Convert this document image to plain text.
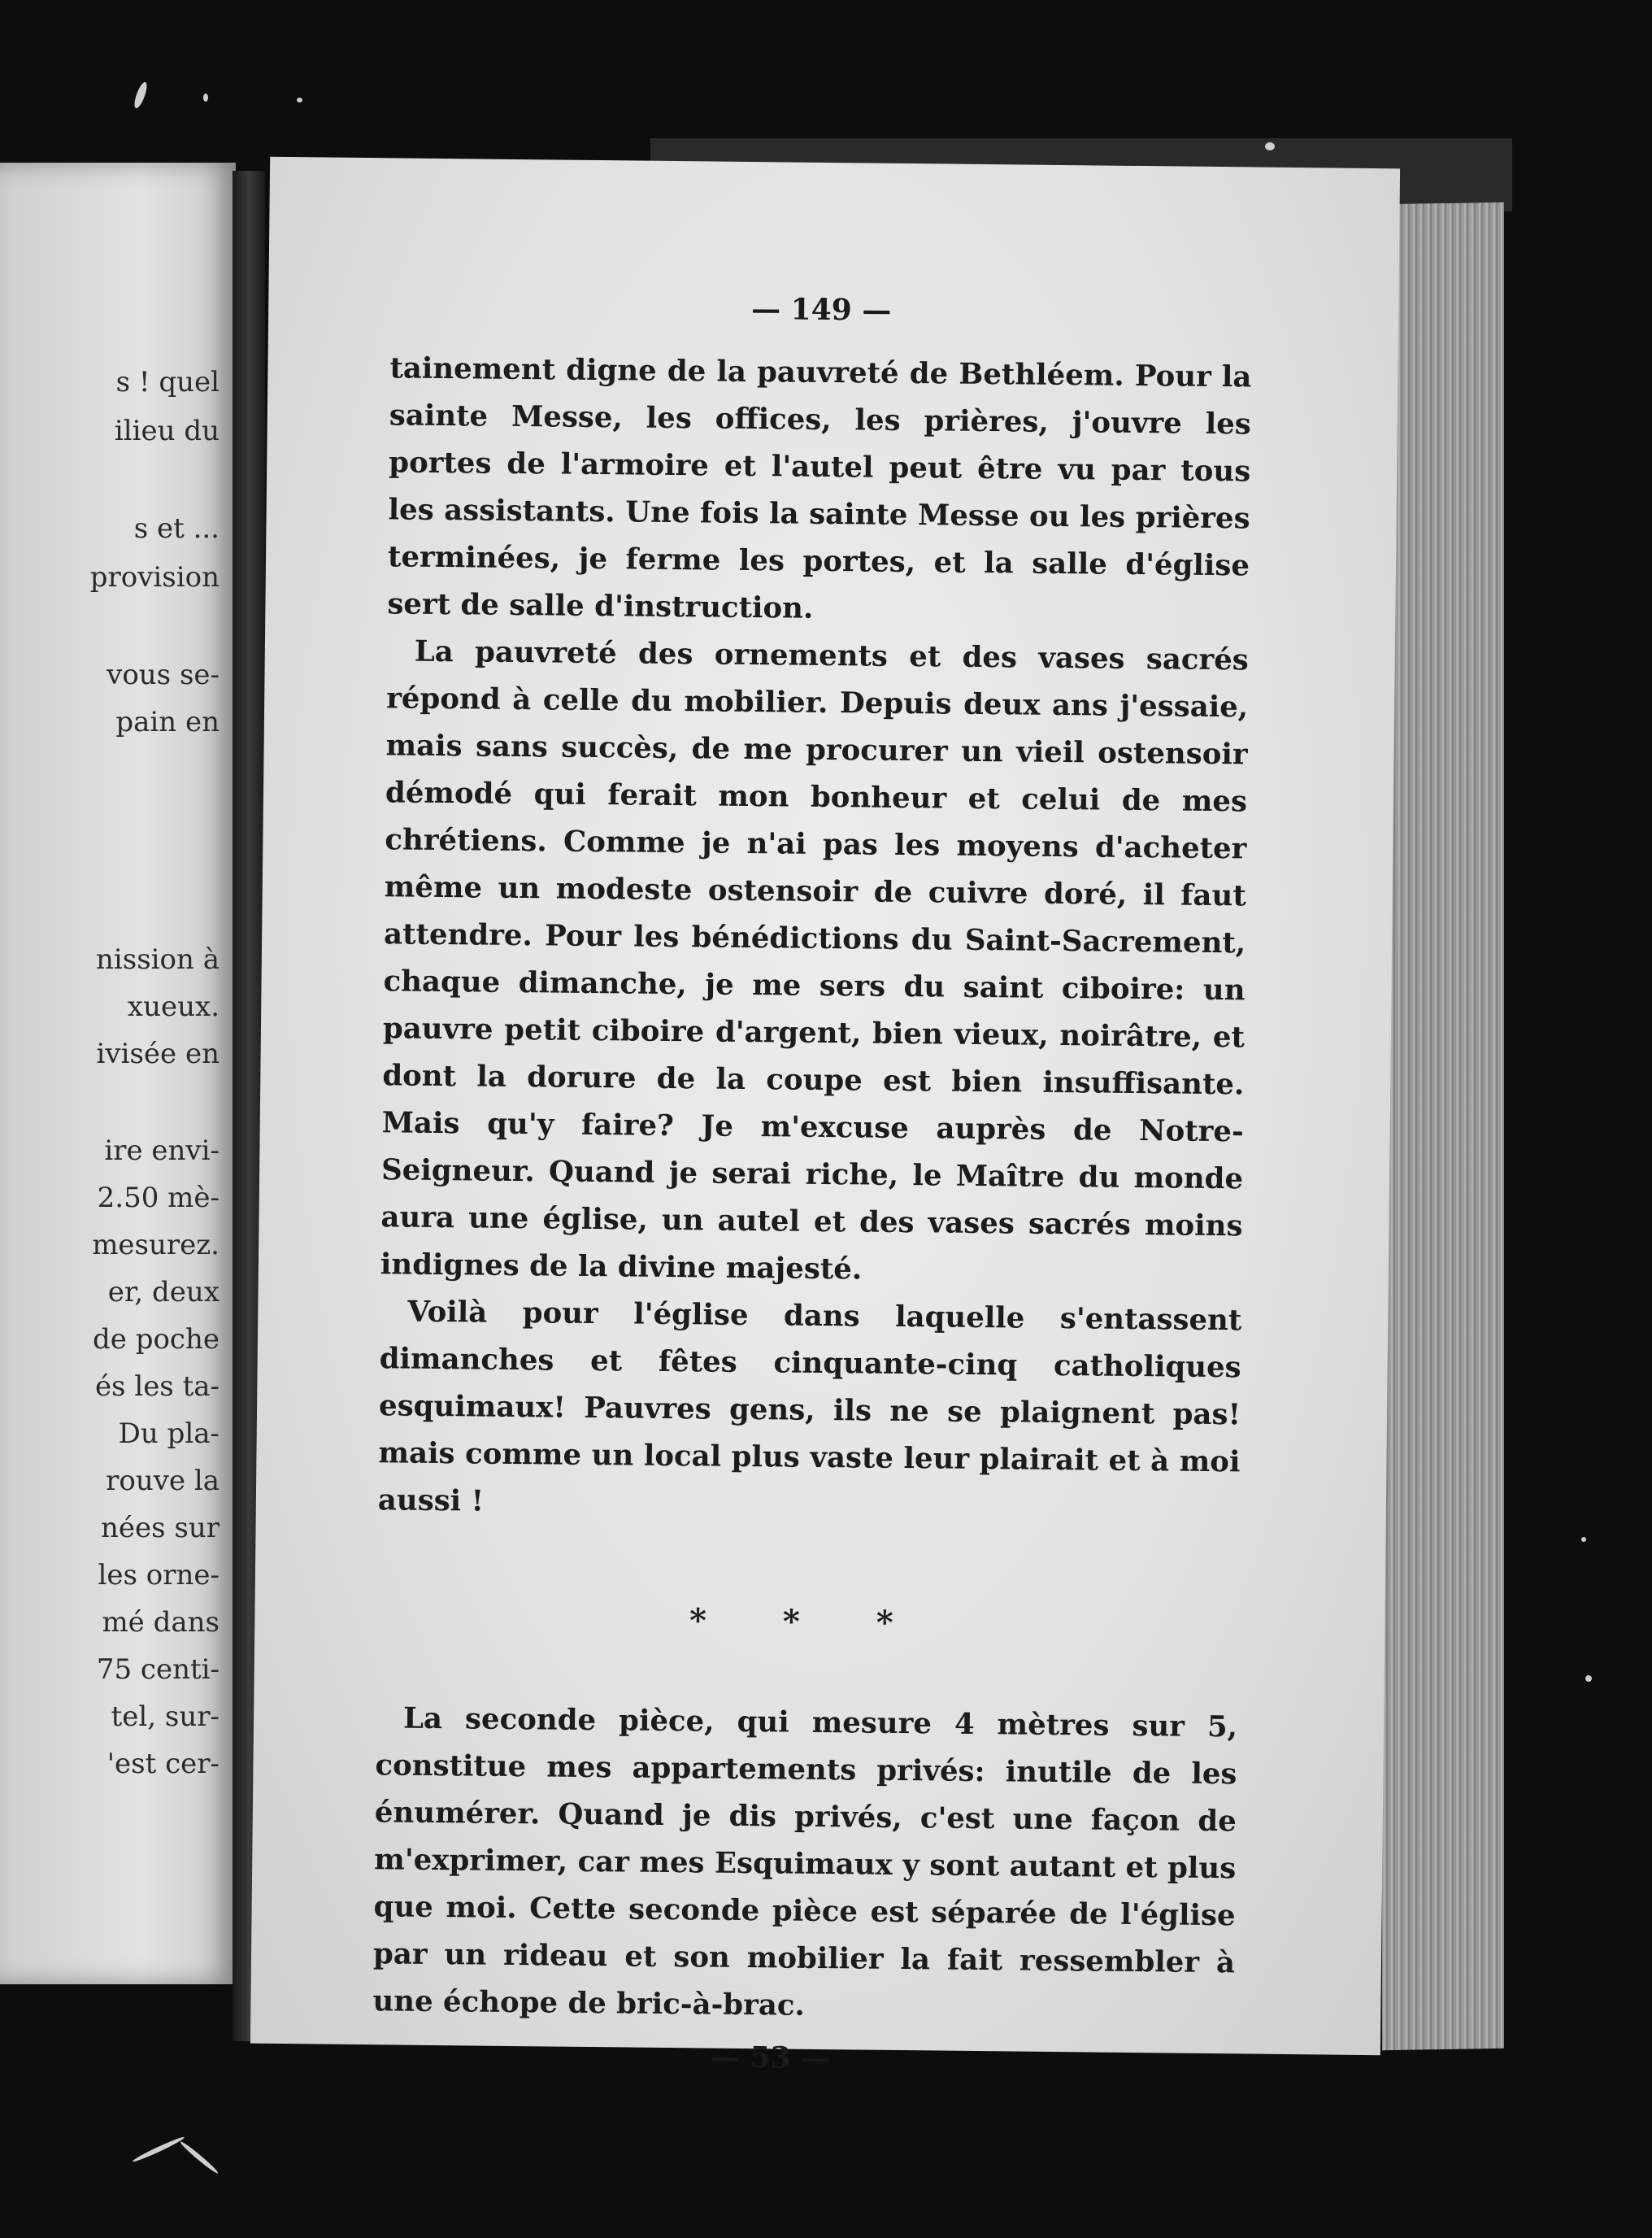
s ! quel
ilieu du
s et ...
provision
vous se-
pain en
nission à
xueux.
ivisée en
ire envi-
2.50 mè-
mesurez.
er, deux
de poche
és les ta-
Du pla-
rouve la
nées sur
les orne-
mé dans
75 centi-
tel, sur-
'est cer-
— 149 —

tainement digne de la pauvreté de Bethléem. Pour la sainte Messe, les offices, les prières, j'ouvre les portes de l'armoire et l'autel peut être vu par tous les assistants. Une fois la sainte Messe ou les prières terminées, je ferme les portes, et la salle d'église sert de salle d'instruction.

La pauvreté des ornements et des vases sacrés répond à celle du mobilier. Depuis deux ans j'essaie, mais sans succès, de me procurer un vieil ostensoir démodé qui ferait mon bonheur et celui de mes chrétiens. Comme je n'ai pas les moyens d'acheter même un modeste ostensoir de cuivre doré, il faut attendre. Pour les bénédictions du Saint-Sacrement, chaque dimanche, je me sers du saint ciboire: un pauvre petit ciboire d'argent, bien vieux, noirâtre, et dont la dorure de la coupe est bien insuffisante. Mais qu'y faire? Je m'excuse auprès de Notre-Seigneur. Quand je serai riche, le Maître du monde aura une église, un autel et des vases sacrés moins indignes de la divine majesté.

Voilà pour l'église dans laquelle s'entassent dimanches et fêtes cinquante-cinq catholiques esquimaux! Pauvres gens, ils ne se plaignent pas! mais comme un local plus vaste leur plairait et à moi aussi !

* * *

La seconde pièce, qui mesure 4 mètres sur 5, constitue mes appartements privés: inutile de les énumérer. Quand je dis privés, c'est une façon de m'exprimer, car mes Esquimaux y sont autant et plus que moi. Cette seconde pièce est séparée de l'église par un rideau et son mobilier la fait ressembler à une échope de bric-à-brac.

— 53 —
